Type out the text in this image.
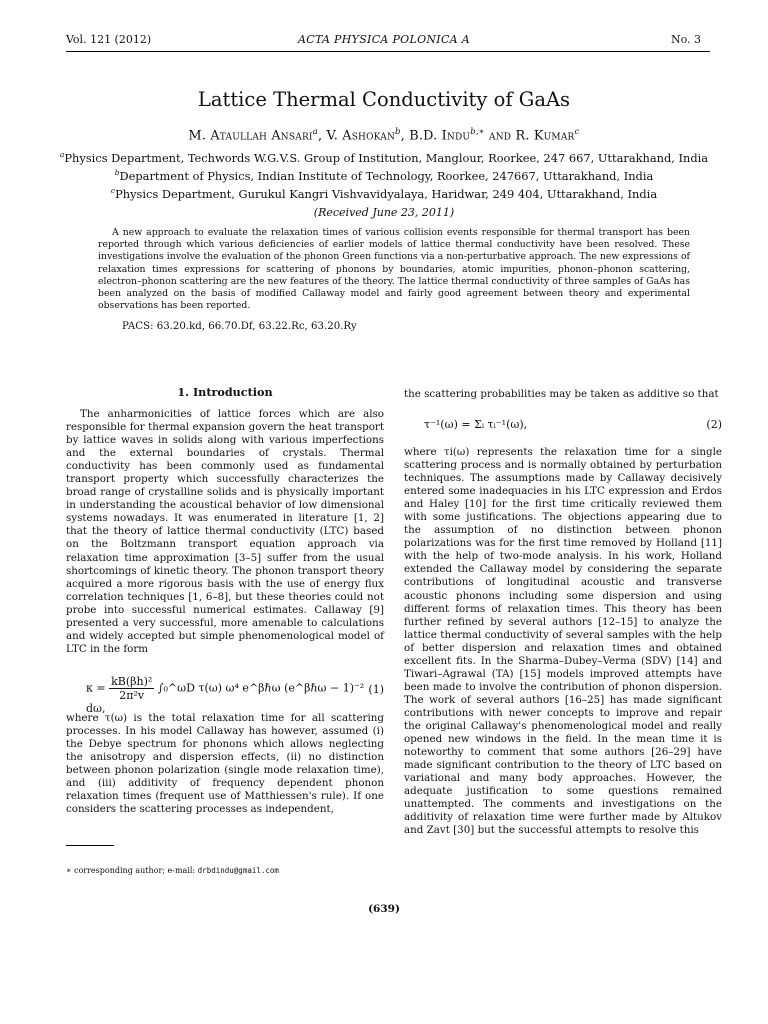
Vol. 121 (2012)	ACTA PHYSICA POLONICA A	No. 3
Lattice Thermal Conductivity of GaAs
M. Ataullah Ansari$^a$, V. Ashokan$^b$, B.D. Indu$^{b,∗}$ and R. Kumar$^c$
$^a$Physics Department, Techwords W.G.V.S. Group of Institution, Manglour, Roorkee, 247 667, Uttarakhand, India
$^b$Department of Physics, Indian Institute of Technology, Roorkee, 247667, Uttarakhand, India
$^c$Physics Department, Gurukul Kangri Vishvavidyalaya, Haridwar, 249 404, Uttarakhand, India
(Received June 23, 2011)

A new approach to evaluate the relaxation times of various collision events responsible for thermal transport has been reported through which various deficiencies of earlier models of lattice thermal conductivity have been resolved. These investigations involve the evaluation of the phonon Green functions via a non-perturbative approach. The new expressions of relaxation times expressions for scattering of phonons by boundaries, atomic impurities, phonon–phonon scattering, electron–phonon scattering are the new features of the theory. The lattice thermal conductivity of three samples of GaAs has been analyzed on the basis of modified Callaway model and fairly good agreement between theory and experimental observations has been reported.

PACS: 63.20.kd, 66.70.Df, 63.22.Rc, 63.20.Ry
1. Introduction

The anharmonicities of lattice forces which are also responsible for thermal expansion govern the heat transport by lattice waves in solids along with various imperfections and the external boundaries of crystals. Thermal conductivity has been commonly used as fundamental transport property which successfully characterizes the broad range of crystalline solids and is physically important in understanding the acoustical behavior of low dimensional systems nowadays. It was enumerated in literature [1, 2] that the theory of lattice thermal conductivity (LTC) based on the Boltzmann transport equation approach via relaxation time approximation [3–5] suffer from the usual shortcomings of kinetic theory. The phonon transport theory acquired a more rigorous basis with the use of energy flux correlation techniques [1, 6–8], but these theories could not probe into successful numerical estimates. Callaway [9] presented a very successful, more amenable to calculations and widely accepted but simple phenomenological model of LTC in the form

$\kappa = \frac{\text{kB(βh)²}}{\text{2π²v}}$ ∫₀^ωD τ(ω) ω⁴ e^βℏω (e^βℏω − 1)⁻² dω,
(1)

where τ(ω) is the total relaxation time for all scattering processes. In his model Callaway has however, assumed (i) the Debye spectrum for phonons which allows neglecting the anisotropy and dispersion effects, (ii) no distinction between phonon polarization (single mode relaxation time), and (iii) additivity of frequency dependent phonon relaxation times (frequent use of Matthiessen's rule). If one considers the scattering processes as independent,

the scattering probabilities may be taken as additive so that

τ⁻¹(ω) = Σᵢ τᵢ⁻¹(ω),	(2)

where τi(ω) represents the relaxation time for a single scattering process and is normally obtained by perturbation techniques. The assumptions made by Callaway decisively entered some inadequacies in his LTC expression and Erdos and Haley [10] for the first time critically reviewed them with some justifications. The objections appearing due to the assumption of no distinction between phonon polarizations was for the first time removed by Holland [11] with the help of two-mode analysis. In his work, Holland extended the Callaway model by considering the separate contributions of longitudinal acoustic and transverse acoustic phonons including some dispersion and using different forms of relaxation times. This theory has been further refined by several authors [12–15] to analyze the lattice thermal conductivity of several samples with the help of better dispersion and relaxation times and obtained excellent fits. In the Sharma–Dubey–Verma (SDV) [14] and Tiwari–Agrawal (TA) [15] models improved attempts have been made to involve the contribution of phonon dispersion. The work of several authors [16–25] has made significant contributions with newer concepts to improve and repair the original Callaway's phenomenological model and really opened new windows in the field. In the mean time it is noteworthy to comment that some authors [26–29] have made significant contribution to the theory of LTC based on variational and many body approaches. However, the adequate justification to some questions remained unattempted. The comments and investigations on the additivity of relaxation time were further made by Altukov and Zavt [30] but the successful attempts to resolve this

∗ corresponding author; e-mail: drbdindu@gmail.com
(639)
